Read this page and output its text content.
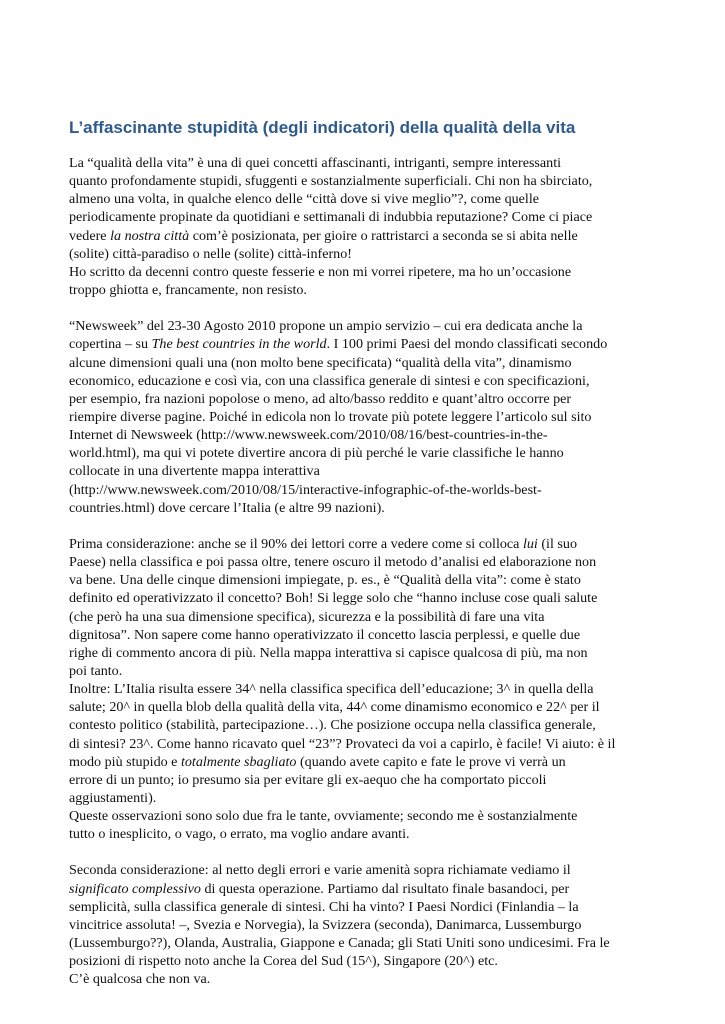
L’affascinante stupidità (degli indicatori) della qualità della vita
La “qualità della vita” è una di quei concetti affascinanti, intriganti, sempre interessanti
quanto profondamente stupidi, sfuggenti e sostanzialmente superficiali. Chi non ha sbirciato,
almeno una volta, in qualche elenco delle “città dove si vive meglio”?, come quelle
periodicamente propinate da quotidiani e settimanali di indubbia reputazione? Come ci piace
vedere la nostra città com’è posizionata, per gioire o rattristarci a seconda se si abita nelle
(solite) città-paradiso o nelle (solite) città-inferno!
Ho scritto da decenni contro queste fesserie e non mi vorrei ripetere, ma ho un’occasione
troppo ghiotta e, francamente, non resisto.
“Newsweek” del 23-30 Agosto 2010 propone un ampio servizio – cui era dedicata anche la
copertina – su The best countries in the world. I 100 primi Paesi del mondo classificati secondo
alcune dimensioni quali una (non molto bene specificata) “qualità della vita”, dinamismo
economico, educazione e così via, con una classifica generale di sintesi e con specificazioni,
per esempio, fra nazioni popolose o meno, ad alto/basso reddito e quant’altro occorre per
riempire diverse pagine. Poiché in edicola non lo trovate più potete leggere l’articolo sul sito
Internet di Newsweek (http://www.newsweek.com/2010/08/16/best-countries-in-the-
world.html), ma qui vi potete divertire ancora di più perché le varie classifiche le hanno
collocate in una divertente mappa interattiva
(http://www.newsweek.com/2010/08/15/interactive-infographic-of-the-worlds-best-
countries.html) dove cercare l’Italia (e altre 99 nazioni).
Prima considerazione: anche se il 90% dei lettori corre a vedere come si colloca lui (il suo
Paese) nella classifica e poi passa oltre, tenere oscuro il metodo d’analisi ed elaborazione non
va bene. Una delle cinque dimensioni impiegate, p. es., è “Qualità della vita”: come è stato
definito ed operativizzato il concetto? Boh! Si legge solo che “hanno incluse cose quali salute
(che però ha una sua dimensione specifica), sicurezza e la possibilità di fare una vita
dignitosa”. Non sapere come hanno operativizzato il concetto lascia perplessi, e quelle due
righe di commento ancora di più. Nella mappa interattiva si capisce qualcosa di più, ma non
poi tanto.
Inoltre: L’Italia risulta essere 34^ nella classifica specifica dell’educazione; 3^ in quella della
salute; 20^ in quella blob della qualità della vita, 44^ come dinamismo economico e 22^ per il
contesto politico (stabilità, partecipazione…). Che posizione occupa nella classifica generale,
di sintesi? 23^. Come hanno ricavato quel “23”? Provateci da voi a capirlo, è facile! Vi aiuto: è il
modo più stupido e totalmente sbagliato (quando avete capito e fate le prove vi verrà un
errore di un punto; io presumo sia per evitare gli ex-aequo che ha comportato piccoli
aggiustamenti).
Queste osservazioni sono solo due fra le tante, ovviamente; secondo me è sostanzialmente
tutto o inesplicito, o vago, o errato, ma voglio andare avanti.
Seconda considerazione: al netto degli errori e varie amenità sopra richiamate vediamo il
significato complessivo di questa operazione. Partiamo dal risultato finale basandoci, per
semplicità, sulla classifica generale di sintesi. Chi ha vinto? I Paesi Nordici (Finlandia – la
vincitrice assoluta! –, Svezia e Norvegia), la Svizzera (seconda), Danimarca, Lussemburgo
(Lussemburgo??), Olanda, Australia, Giappone e Canada; gli Stati Uniti sono undicesimi. Fra le
posizioni di rispetto noto anche la Corea del Sud (15^), Singapore (20^) etc.
C’è qualcosa che non va.
